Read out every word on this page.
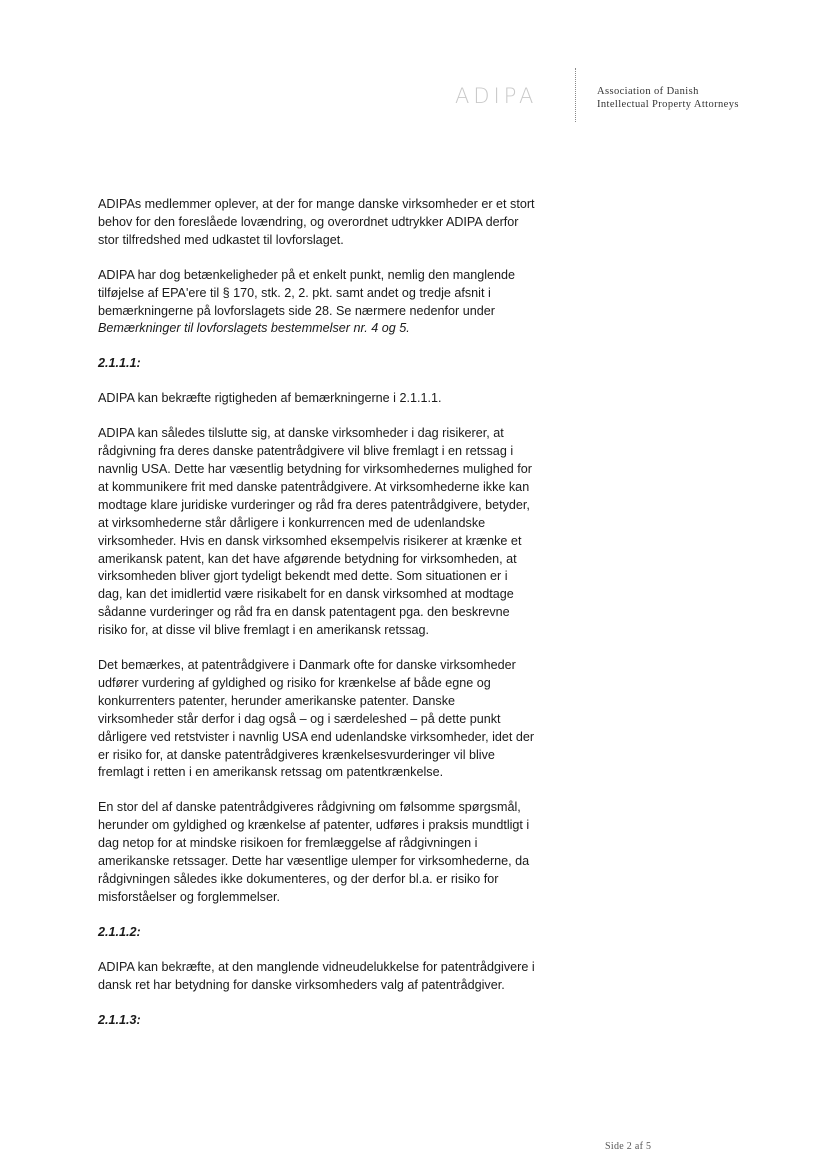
ADIPA	Association of Danish
Intellectual Property Attorneys
ADIPAs medlemmer oplever, at der for mange danske virksomheder er et stort
behov for den foreslåede lovændring, og overordnet udtrykker ADIPA derfor
stor tilfredshed med udkastet til lovforslaget.
ADIPA har dog betænkeligheder på et enkelt punkt, nemlig den manglende
tilføjelse af EPA'ere til § 170, stk. 2, 2. pkt. samt andet og tredje afsnit i
bemærkningerne på lovforslagets side 28. Se nærmere nedenfor under
Bemærkninger til lovforslagets bestemmelser nr. 4 og 5.
2.1.1.1:
ADIPA kan bekræfte rigtigheden af bemærkningerne i 2.1.1.1.
ADIPA kan således tilslutte sig, at danske virksomheder i dag risikerer, at
rådgivning fra deres danske patentrådgivere vil blive fremlagt i en retssag i
navnlig USA. Dette har væsentlig betydning for virksomhedernes mulighed for
at kommunikere frit med danske patentrådgivere. At virksomhederne ikke kan
modtage klare juridiske vurderinger og råd fra deres patentrådgivere, betyder,
at virksomhederne står dårligere i konkurrencen med de udenlandske
virksomheder. Hvis en dansk virksomhed eksempelvis risikerer at krænke et
amerikansk patent, kan det have afgørende betydning for virksomheden, at
virksomheden bliver gjort tydeligt bekendt med dette. Som situationen er i
dag, kan det imidlertid være risikabelt for en dansk virksomhed at modtage
sådanne vurderinger og råd fra en dansk patentagent pga. den beskrevne
risiko for, at disse vil blive fremlagt i en amerikansk retssag.
Det bemærkes, at patentrådgivere i Danmark ofte for danske virksomheder
udfører vurdering af gyldighed og risiko for krænkelse af både egne og
konkurrenters patenter, herunder amerikanske patenter. Danske
virksomheder står derfor i dag også – og i særdeleshed – på dette punkt
dårligere ved retstvister i navnlig USA end udenlandske virksomheder, idet der
er risiko for, at danske patentrådgiveres krænkelsesvurderinger vil blive
fremlagt i retten i en amerikansk retssag om patentkrænkelse.
En stor del af danske patentrådgiveres rådgivning om følsomme spørgsmål,
herunder om gyldighed og krænkelse af patenter, udføres i praksis mundtligt i
dag netop for at mindske risikoen for fremlæggelse af rådgivningen i
amerikanske retssager. Dette har væsentlige ulemper for virksomhederne, da
rådgivningen således ikke dokumenteres, og der derfor bl.a. er risiko for
misforståelser og forglemmelser.
2.1.1.2:
ADIPA kan bekræfte, at den manglende vidneudelukkelse for patentrådgivere i
dansk ret har betydning for danske virksomheders valg af patentrådgiver.
2.1.1.3:
Side 2 af 5
